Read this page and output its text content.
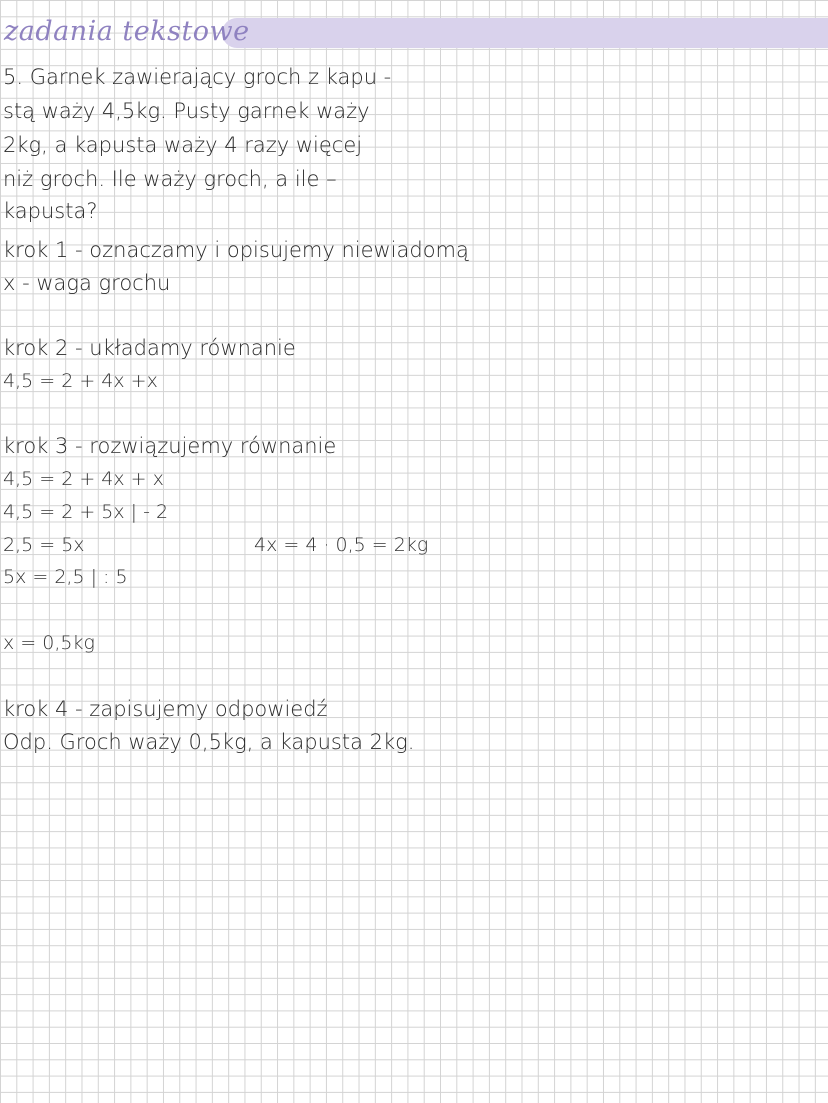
zadania tekstowe
5. Garnek zawierający groch z kapu -
stą waży 4,5kg. Pusty garnek waży
2kg, a kapusta waży 4 razy więcej
niż groch. Ile waży groch, a ile –
kapusta?
krok 1 - oznaczamy i opisujemy niewiadomą
x - waga grochu
krok 2 - układamy równanie
4,5 = 2 + 4x +x
krok 3 - rozwiązujemy równanie
4,5 = 2 + 4x + x
4,5 = 2 + 5x | - 2
2,5 = 5x	4x = 4 · 0,5 = 2kg
5x = 2,5 | : 5
x = 0,5kg
krok 4 - zapisujemy odpowiedź
Odp. Groch waży 0,5kg, a kapusta 2kg.
